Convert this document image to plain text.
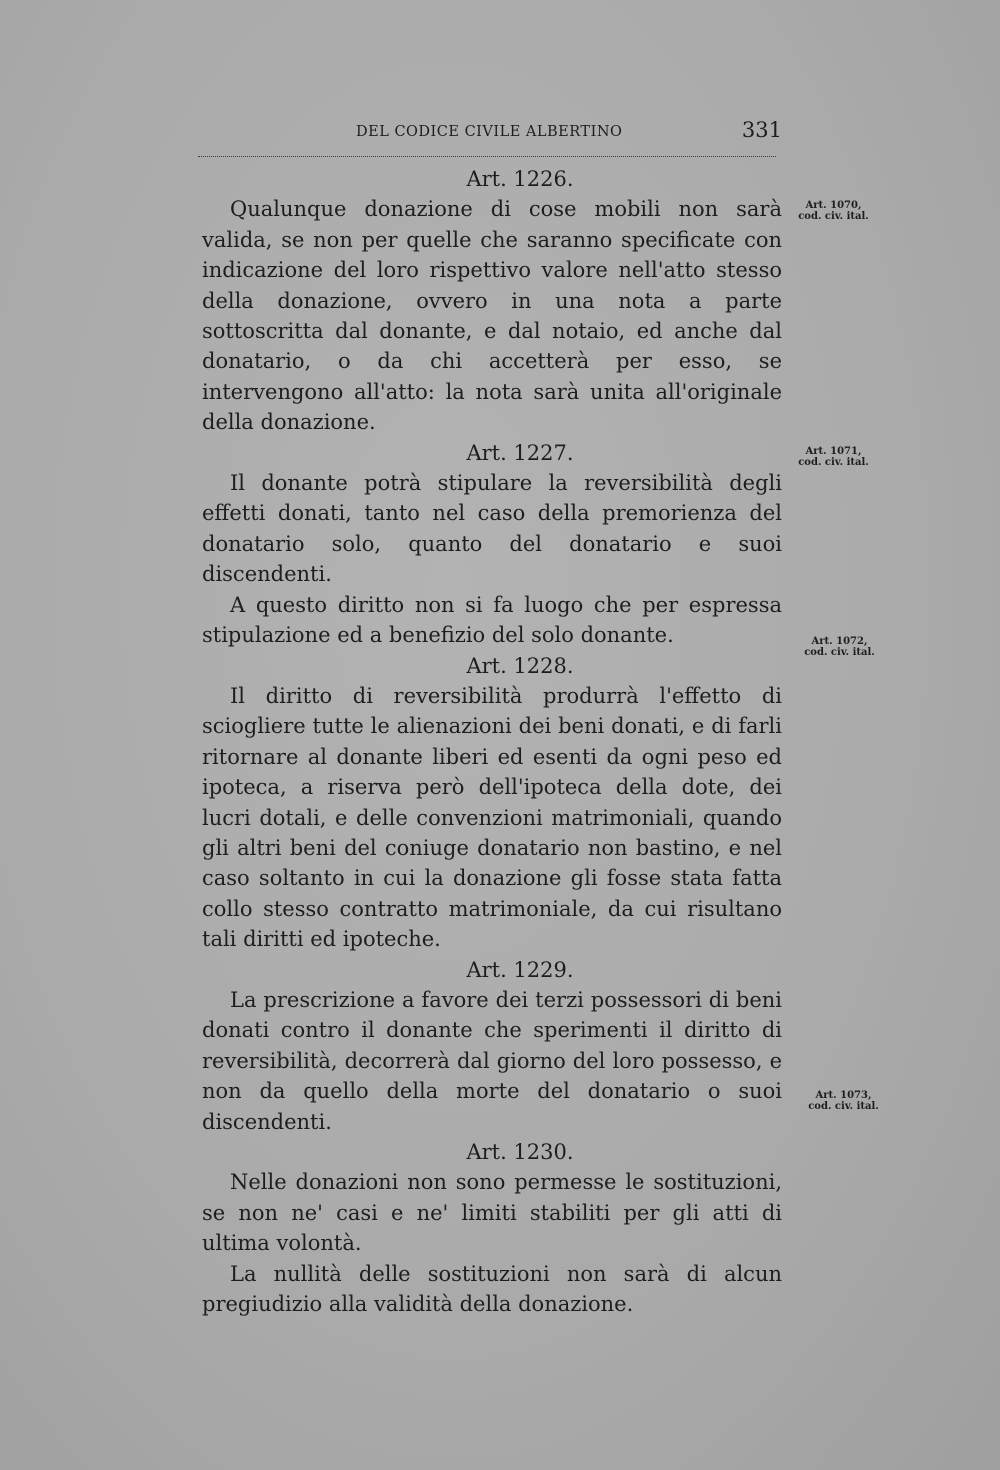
DEL CODICE CIVILE ALBERTINO	331
Art. 1226.

Qualunque donazione di cose mobili non sarà valida, se non per quelle che saranno specificate con indicazione del loro rispettivo valore nell'atto stesso della donazione, ovvero in una nota a parte sottoscritta dal donante, e dal notaio, ed anche dal donatario, o da chi accetterà per esso, se intervengono all'atto: la nota sarà unita all'originale della donazione.

Art. 1227.

Il donante potrà stipulare la reversibilità degli effetti donati, tanto nel caso della premorienza del donatario solo, quanto del donatario e suoi discendenti.

A questo diritto non si fa luogo che per espressa stipulazione ed a benefizio del solo donante.

Art. 1228.

Il diritto di reversibilità produrrà l'effetto di sciogliere tutte le alienazioni dei beni donati, e di farli ritornare al donante liberi ed esenti da ogni peso ed ipoteca, a riserva però dell'ipoteca della dote, dei lucri dotali, e delle convenzioni matrimoniali, quando gli altri beni del coniuge donatario non bastino, e nel caso soltanto in cui la donazione gli fosse stata fatta collo stesso contratto matrimoniale, da cui risultano tali diritti ed ipoteche.

Art. 1229.

La prescrizione a favore dei terzi possessori di beni donati contro il donante che sperimenti il diritto di reversibilità, decorrerà dal giorno del loro possesso, e non da quello della morte del donatario o suoi discendenti.

Art. 1230.

Nelle donazioni non sono permesse le sostituzioni, se non ne' casi e ne' limiti stabiliti per gli atti di ultima volontà.

La nullità delle sostituzioni non sarà di alcun pregiudizio alla validità della donazione.

Art. 1070,
cod. civ. ital.
Art. 1071,
cod. civ. ital.
Art. 1072,
cod. civ. ital.
Art. 1073,
cod. civ. ital.
